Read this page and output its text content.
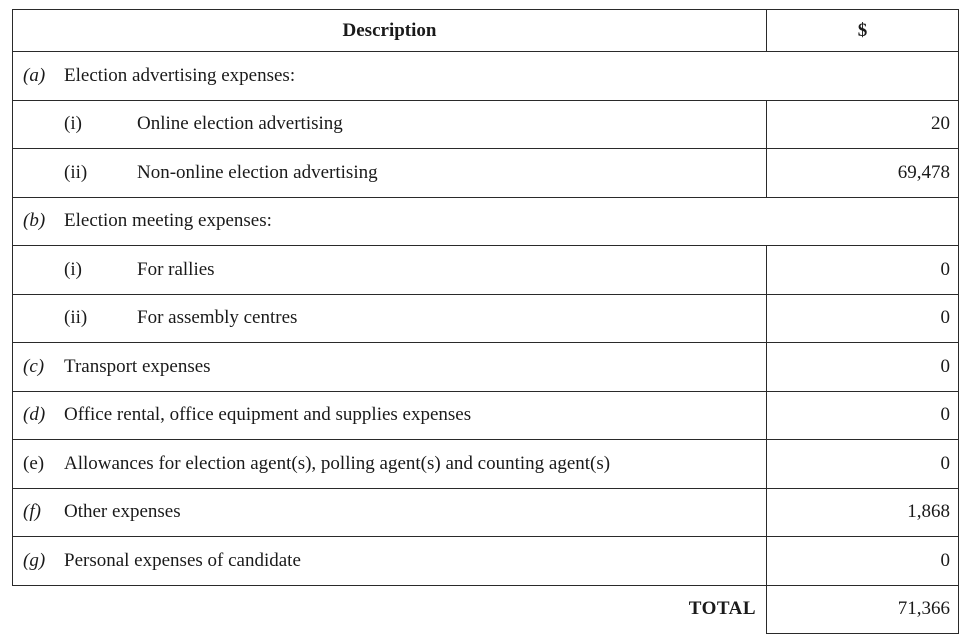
Description	$
(a) Election advertising expenses:	
(i) Online election advertising	20
(ii) Non-online election advertising	69,478
(b) Election meeting expenses:	
(i) For rallies	0
(ii) For assembly centres	0
(c) Transport expenses	0
(d) Office rental, office equipment and supplies expenses	0
(e) Allowances for election agent(s), polling agent(s) and counting agent(s)	0
(f) Other expenses	1,868
(g) Personal expenses of candidate	0
TOTAL	71,366
